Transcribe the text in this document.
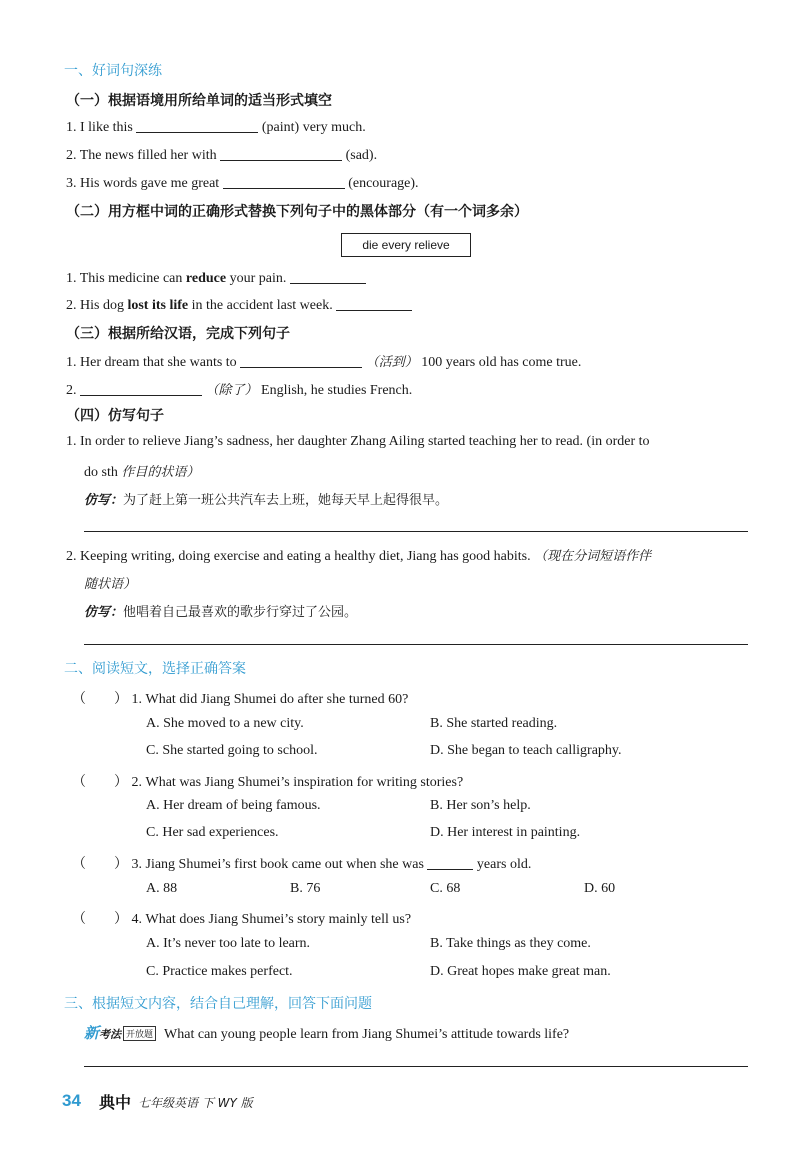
一、好词句深练
（一）根据语境用所给单词的适当形式填空
1. I like this	(paint) very much.
2. The news filled her with	(sad).
3. His words gave me great	(encourage).
（二）用方框中词的正确形式替换下列句子中的黑体部分（有一个词多余）
die every relieve
1. This medicine can reduce your pain.
2. His dog lost its life in the accident last week.
（三）根据所给汉语，完成下列句子
1. Her dream that she wants to	（活到） 100 years old has come true.
2.	（除了） English, he studies French.
（四）仿写句子
1. In order to relieve Jiang’s sadness, her daughter Zhang Ailing started teaching her to read. (in order to
do sth 作目的状语）
仿写：为了赶上第一班公共汽车去上班，她每天早上起得很早。
2. Keeping writing, doing exercise and eating a healthy diet, Jiang has good habits. （现在分词短语作伴
随状语）
仿写：他唱着自己最喜欢的歌步行穿过了公园。
二、阅读短文，选择正确答案
（　　） 1. What did Jiang Shumei do after she turned 60?
A. She moved to a new city.	B. She started reading.
C. She started going to school.	D. She began to teach calligraphy.
（　　） 2. What was Jiang Shumei’s inspiration for writing stories?
A. Her dream of being famous.	B. Her son’s help.
C. Her sad experiences.	D. Her interest in painting.
（　　） 3. Jiang Shumei’s first book came out when she was	years old.
A. 88	B. 76	C. 68	D. 60
（　　） 4. What does Jiang Shumei’s story mainly tell us?
A. It’s never too late to learn.	B. Take things as they come.
C. Practice makes perfect.	D. Great hopes make great man.
三、根据短文内容，结合自己理解，回答下面问题
新考法 开放题 What can young people learn from Jiang Shumei’s attitude towards life?
34 典中 七年级英语 下 WY 版
